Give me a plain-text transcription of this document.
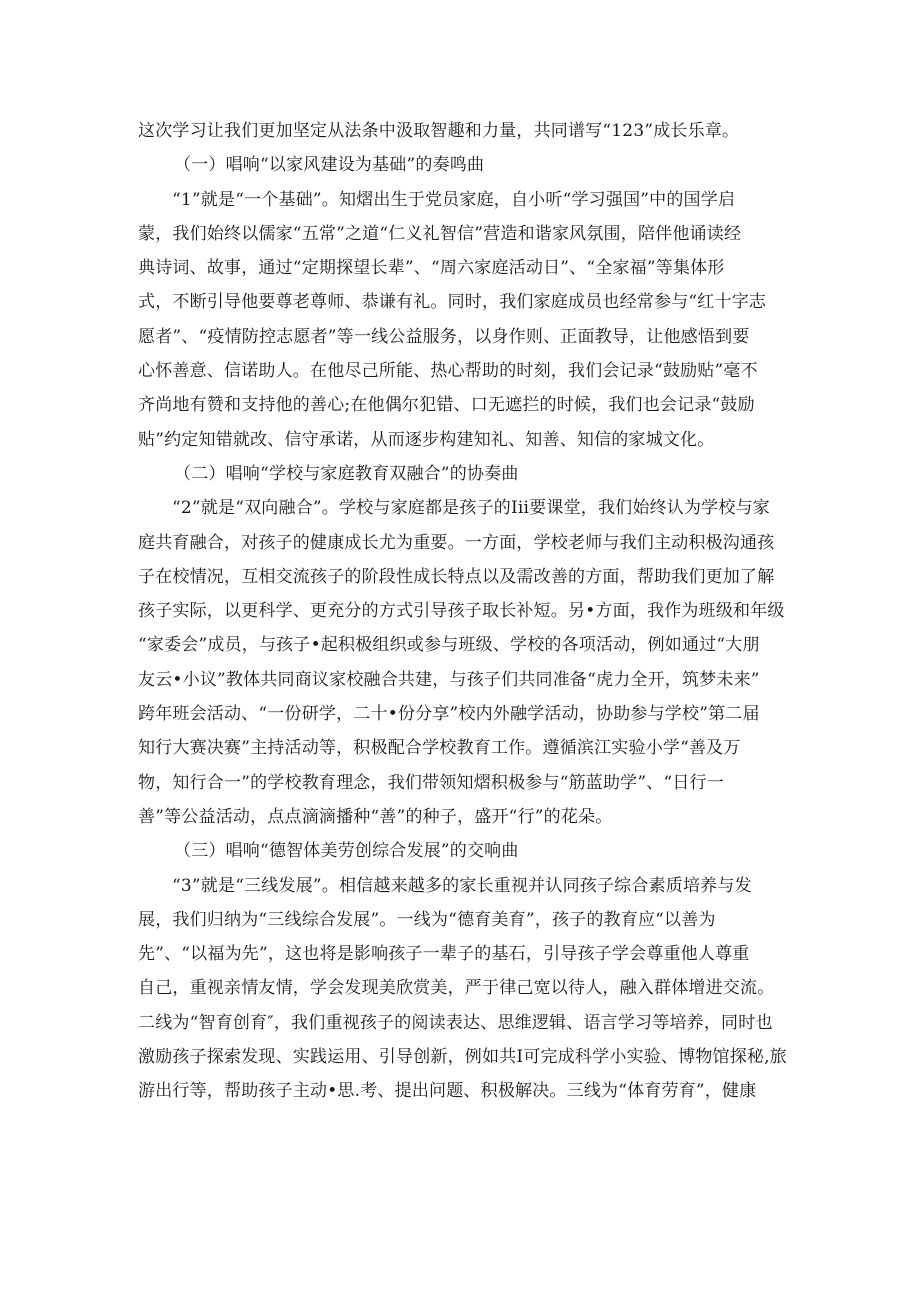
这次学习让我们更加坚定从法条中汲取智趣和力量，共同谱写“123”成长乐章。
（一）唱响“以家风建设为基础”的奏鸣曲
“1”就是“一个基础”。知熠出生于党员家庭，自小听“学习强国”中的国学启
蒙，我们始终以儒家“五常”之道“仁义礼智信”营造和谐家风氛围，陪伴他诵读经
典诗词、故事，通过“定期探望长辈”、“周六家庭活动日”、“全家福”等集体形
式，不断引导他要尊老尊师、恭谦有礼。同时，我们家庭成员也经常参与“红十字志
愿者”、“疫情防控志愿者”等一线公益服务，以身作则、正面教导，让他感悟到要
心怀善意、信诺助人。在他尽己所能、热心帮助的时刻，我们会记录“鼓励贴”毫不
齐尚地有赞和支持他的善心;在他偶尔犯错、口无遮拦的时候，我们也会记录“鼓励
贴”约定知错就改、信守承诺，从而逐步构建知礼、知善、知信的家城文化。
（二）唱响“学校与家庭教育双融合”的协奏曲
“2”就是“双向融合”。学校与家庭都是孩子的Iii要课堂，我们始终认为学校与家
庭共育融合，对孩子的健康成长尤为重要。一方面，学校老师与我们主动积极沟通孩
子在校情况，互相交流孩子的阶段性成长特点以及需改善的方面，帮助我们更加了解
孩子实际，以更科学、更充分的方式引导孩子取长补短。另•方面，我作为班级和年级
“家委会”成员，与孩子•起积极组织或参与班级、学校的各项活动，例如通过“大朋
友云•小议”教体共同商议家校融合共建，与孩子们共同准备“虎力全开，筑梦未来”
跨年班会活动、“一份研学，二十•份分享”校内外融学活动，协助参与学校”第二届
知行大赛决赛”主持活动等，积极配合学校教育工作。遵循滨江实验小学“善及万
物，知行合一”的学校教育理念，我们带领知熠积极参与“筋蓝助学”、“日行一
善”等公益活动，点点滴滴播种“善”的种子，盛开“行”的花朵。
（三）唱响“德智体美劳创综合发展”的交响曲
“3”就是“三线发展”。相信越来越多的家长重视并认同孩子综合素质培养与发
展，我们归纳为“三线综合发展”。一线为“德育美育”，孩子的教育应“以善为
先”、“以福为先”，这也将是影响孩子一辈子的基石，引导孩子学会尊重他人尊重
自己，重视亲情友情，学会发现美欣赏美，严于律己宽以待人，融入群体增进交流。
二线为“智育创育″，我们重视孩子的阅读表达、思维逻辑、语言学习等培养，同时也
激励孩子探索发现、实践运用、引导创新，例如共I可完成科学小实验、博物馆探秘,旅
游出行等，帮助孩子主动•思.考、提出问题、积极解决。三线为“体育劳育”，健康
